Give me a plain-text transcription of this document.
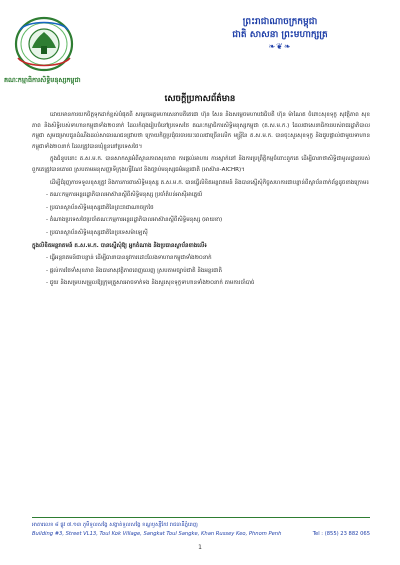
គណៈកម្មាធិការសិទ្ធិមនុស្សកម្ពុជា
ព្រះរាជាណាចក្រកម្ពុជា
ជាតិ សាសនា ព្រះមហាក្សត្រ
❧❦❧
សេចក្តីប្រកាសព័ត៌មាន

ដោយមានការយកចិត្តទុកដាក់ខ្ពស់បំផុតពី សម្តេចអគ្គមហាសេនាបតីតេជោ ហ៊ុន សែន និងសម្តេចមហាបវរធិបតី ហ៊ុន ម៉ាណែត ចំពោះសុខទុក្ខ សុវត្ថិភាព សុខភាព និងសិទ្ធិរបស់ទាហានកម្ពុជាទាំង២០នាក់ ដែលកំពុងរៀបចំនៅប្រទេសថៃ គណៈកម្មាធិការសិទ្ធិមនុស្សកម្ពុជា (គ.ស.ម.ក.) ដែលជាសេនាធិការរបស់រាជរដ្ឋាភិបាលកម្ពុជា សូមជម្រាបជូនដំណឹងដល់សាធារណជនជ្រាបថា ក្រោយកិច្ចប្រជុំចរចារយៈពេលជាច្រើនលើក មន្ត្រីនៃ គ.ស.ម.ក. បានចុះសួរសុខទុក្ខ និងជួបផ្ទាល់ជាមួយទាហានកម្ពុជាទាំង២០នាក់ ដែលត្រូវបានឃុំខ្លួននៅប្រទេសថៃ។

ក្នុងជំនួបនោះ គ.ស.ម.ក. បានសាកសួរអំពីស្ថានភាពសុខភាព ការផ្តល់អាហារ ការស្នាក់នៅ និងការប្រព្រឹត្តិកម្មចំពោះពួកគេ ដើម្បីធានាថាសិទ្ធិជាមូលដ្ឋានរបស់ពួកគេត្រូវបានគោរព ស្របតាមអនុសញ្ញាទីក្រុងហ្សឺណែវ និងច្បាប់មនុស្សធម៌អន្តរជាតិ (អាស៊ាន-AICHR)។

ដើម្បីជំរុញការទទួលខុសត្រូវ និងការការពារសិទ្ធិមនុស្ស គ.ស.ម.ក. បានធ្វើលិខិតអន្តរាគមន៍ និងបានស្នើសុំកិច្ចសហការជាបន្ទាន់ពីស្ថាប័នពាក់ព័ន្ធដូចខាងក្រោម៖

- គណៈកម្មការអន្តររដ្ឋាភិបាលអាស៊ានស្តីពីសិទ្ធិមនុស្ស ប្រចាំតំបន់អាស៊ីអាគ្នេយ៍

- ប្រធានស្ថាប័នសិទ្ធិមនុស្សជាតិនៃព្រះរាជាណាចក្រថៃ

- តំណាងប្រទេសថៃប្រចាំគណៈកម្មការអន្តររដ្ឋាភិបាលអាស៊ានស្តីពីសិទ្ធិមនុស្ស (អាយខា)

- ប្រធានស្ថាប័នសិទ្ធិមនុស្សជាតិនៃប្រទេសម៉ាឡេស៊ី

ក្នុងលិខិតអន្តរាគមន៍ គ.ស.ម.ក. បានស្នើសុំឱ្យ អ្នកតំណាង និងប្រធានស្ថាប័នខាងលើ៖

- ធ្វើអន្តរាគមន៍ជាបន្ទាន់ ដើម្បីធានាបាននូវការដោះលែងទាហានកម្ពុជាទាំង២០នាក់

- ផ្តល់ការថែទាំសុខភាព និងធានាសុវត្ថិភាពពេញលេញ ស្របតាមច្បាប់ជាតិ និងអន្តរជាតិ

- ជួយ និងសម្របសម្រួលឱ្យក្រុមគ្រួសារអាចទាក់ទង និងសួរសុខទុក្ខទាហានទាំង២០នាក់ តាមការចាំបាច់

អាគារលេខ ៨ ផ្លូវ ៧.១៣ ភូមិទួលសង្កែ សង្កាត់ទួលសង្កែ ខណ្ឌឫស្សីកែវ រាជធានីភ្នំពេញ
Building #3, Street VL13, Toul Kok Village, Sangkat Toul Sangke, Khan Russey Keo, Phnom Penh	Tel : (855) 23 882 065
1
